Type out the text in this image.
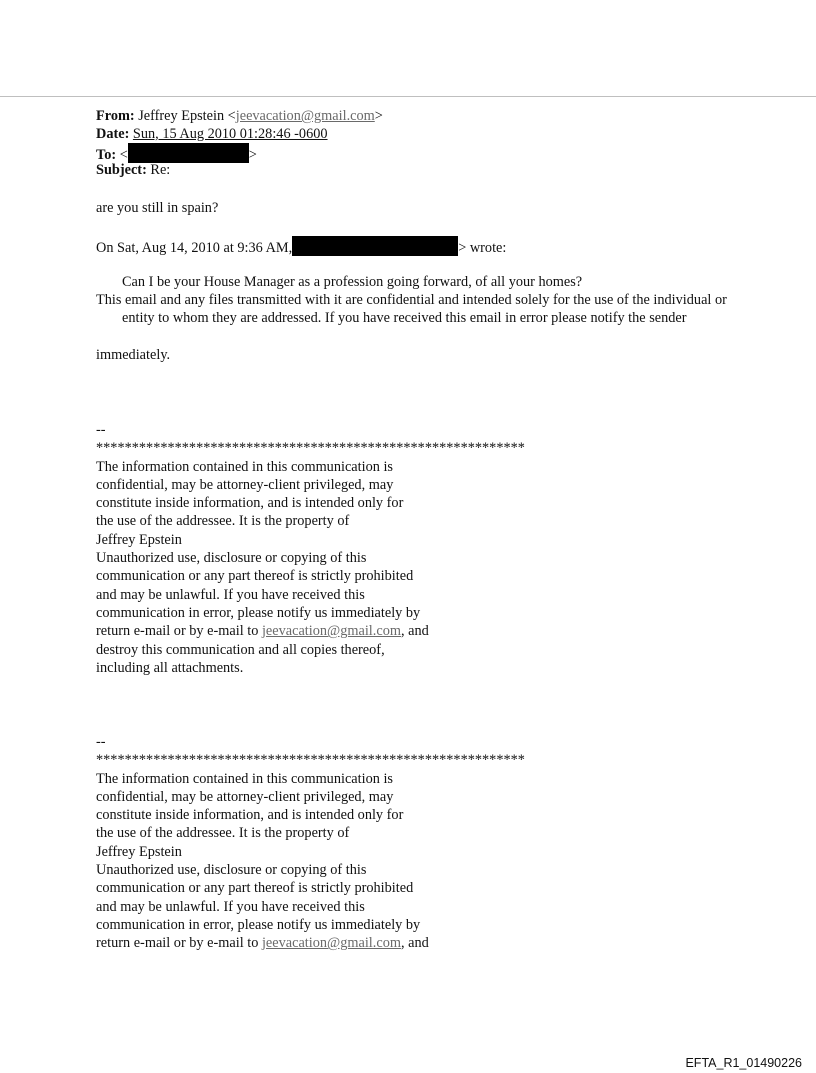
From: Jeffrey Epstein <jeevacation@gmail.com>
Date: Sun, 15 Aug 2010 01:28:46 -0600
To: <	>
Subject: Re:
are you still in spain?
On Sat, Aug 14, 2010 at 9:36 AM,	> wrote:
Can I be your House Manager as a profession going forward, of all your homes?
This email and any files transmitted with it are confidential and intended solely for the use of the individual or entity to whom they are addressed. If you have received this email in error please notify the sender
immediately.
--
************************************************************
The information contained in this communication is
confidential, may be attorney-client privileged, may
constitute inside information, and is intended only for
the use of the addressee. It is the property of
Jeffrey Epstein
Unauthorized use, disclosure or copying of this
communication or any part thereof is strictly prohibited
and may be unlawful. If you have received this
communication in error, please notify us immediately by
return e-mail or by e-mail to jeevacation@gmail.com, and
destroy this communication and all copies thereof,
including all attachments.
--
************************************************************
The information contained in this communication is
confidential, may be attorney-client privileged, may
constitute inside information, and is intended only for
the use of the addressee. It is the property of
Jeffrey Epstein
Unauthorized use, disclosure or copying of this
communication or any part thereof is strictly prohibited
and may be unlawful. If you have received this
communication in error, please notify us immediately by
return e-mail or by e-mail to jeevacation@gmail.com, and
EFTA_R1_01490226
